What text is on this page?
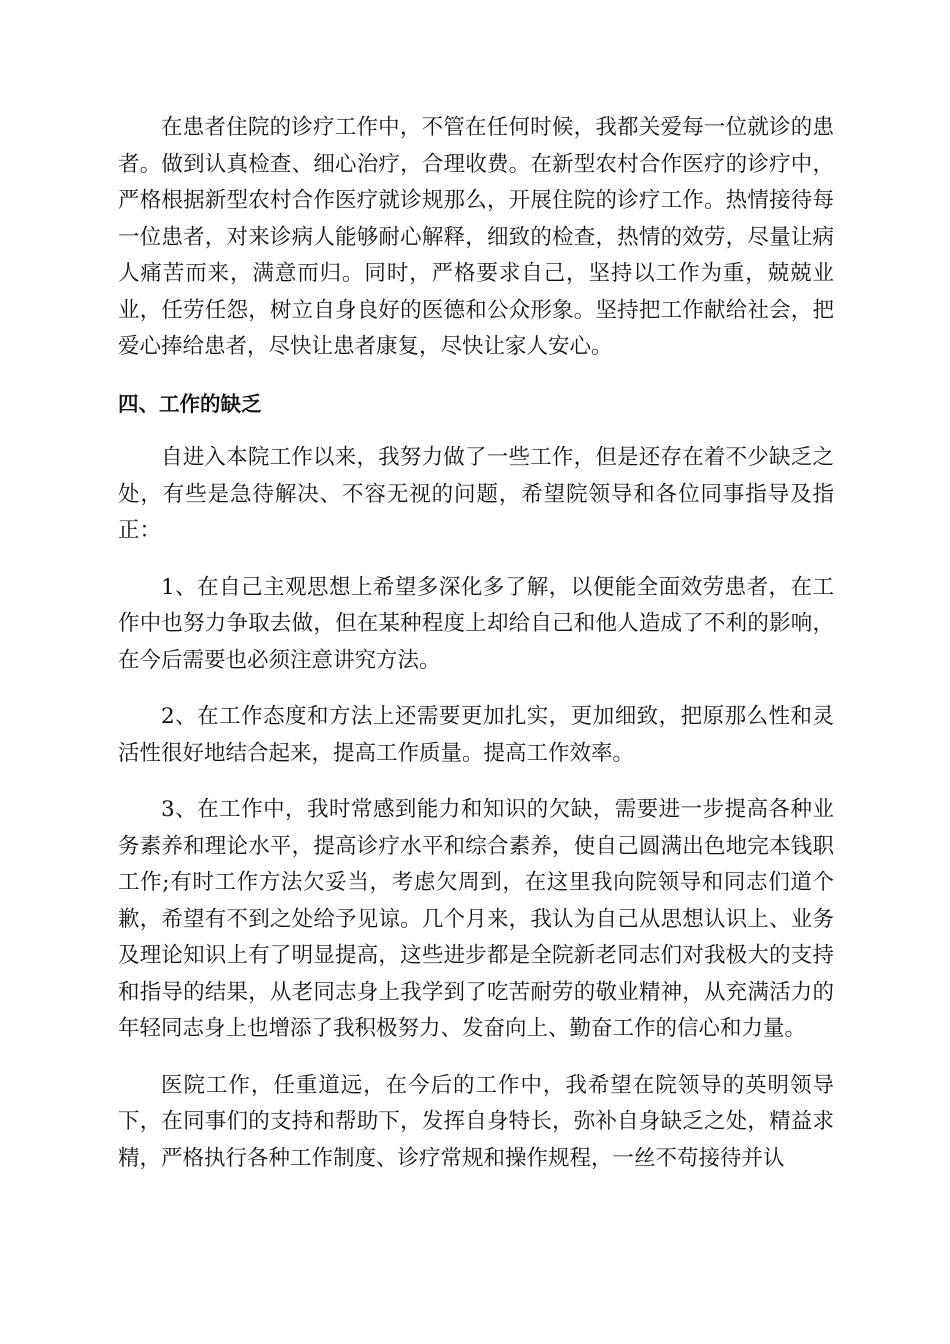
在患者住院的诊疗工作中，不管在任何时候，我都关爱每一位就诊的患者。做到认真检查、细心治疗，合理收费。在新型农村合作医疗的诊疗中，严格根据新型农村合作医疗就诊规那么，开展住院的诊疗工作。热情接待每一位患者，对来诊病人能够耐心解释，细致的检查，热情的效劳，尽量让病人痛苦而来，满意而归。同时，严格要求自己，坚持以工作为重，兢兢业业，任劳任怨，树立自身良好的医德和公众形象。坚持把工作献给社会，把爱心捧给患者，尽快让患者康复，尽快让家人安心。

四、工作的缺乏

自进入本院工作以来，我努力做了一些工作，但是还存在着不少缺乏之处，有些是急待解决、不容无视的问题，希望院领导和各位同事指导及指正：

1、在自己主观思想上希望多深化多了解，以便能全面效劳患者，在工作中也努力争取去做，但在某种程度上却给自己和他人造成了不利的影响，在今后需要也必须注意讲究方法。

2、在工作态度和方法上还需要更加扎实，更加细致，把原那么性和灵活性很好地结合起来，提高工作质量。提高工作效率。

3、在工作中，我时常感到能力和知识的欠缺，需要进一步提高各种业务素养和理论水平，提高诊疗水平和综合素养，使自己圆满出色地完本钱职工作;有时工作方法欠妥当，考虑欠周到，在这里我向院领导和同志们道个歉，希望有不到之处给予见谅。几个月来，我认为自己从思想认识上、业务及理论知识上有了明显提高，这些进步都是全院新老同志们对我极大的支持和指导的结果，从老同志身上我学到了吃苦耐劳的敬业精神，从充满活力的年轻同志身上也增添了我积极努力、发奋向上、勤奋工作的信心和力量。

医院工作，任重道远，在今后的工作中，我希望在院领导的英明领导下，在同事们的支持和帮助下，发挥自身特长，弥补自身缺乏之处，精益求精，严格执行各种工作制度、诊疗常规和操作规程，一丝不苟接待并认
